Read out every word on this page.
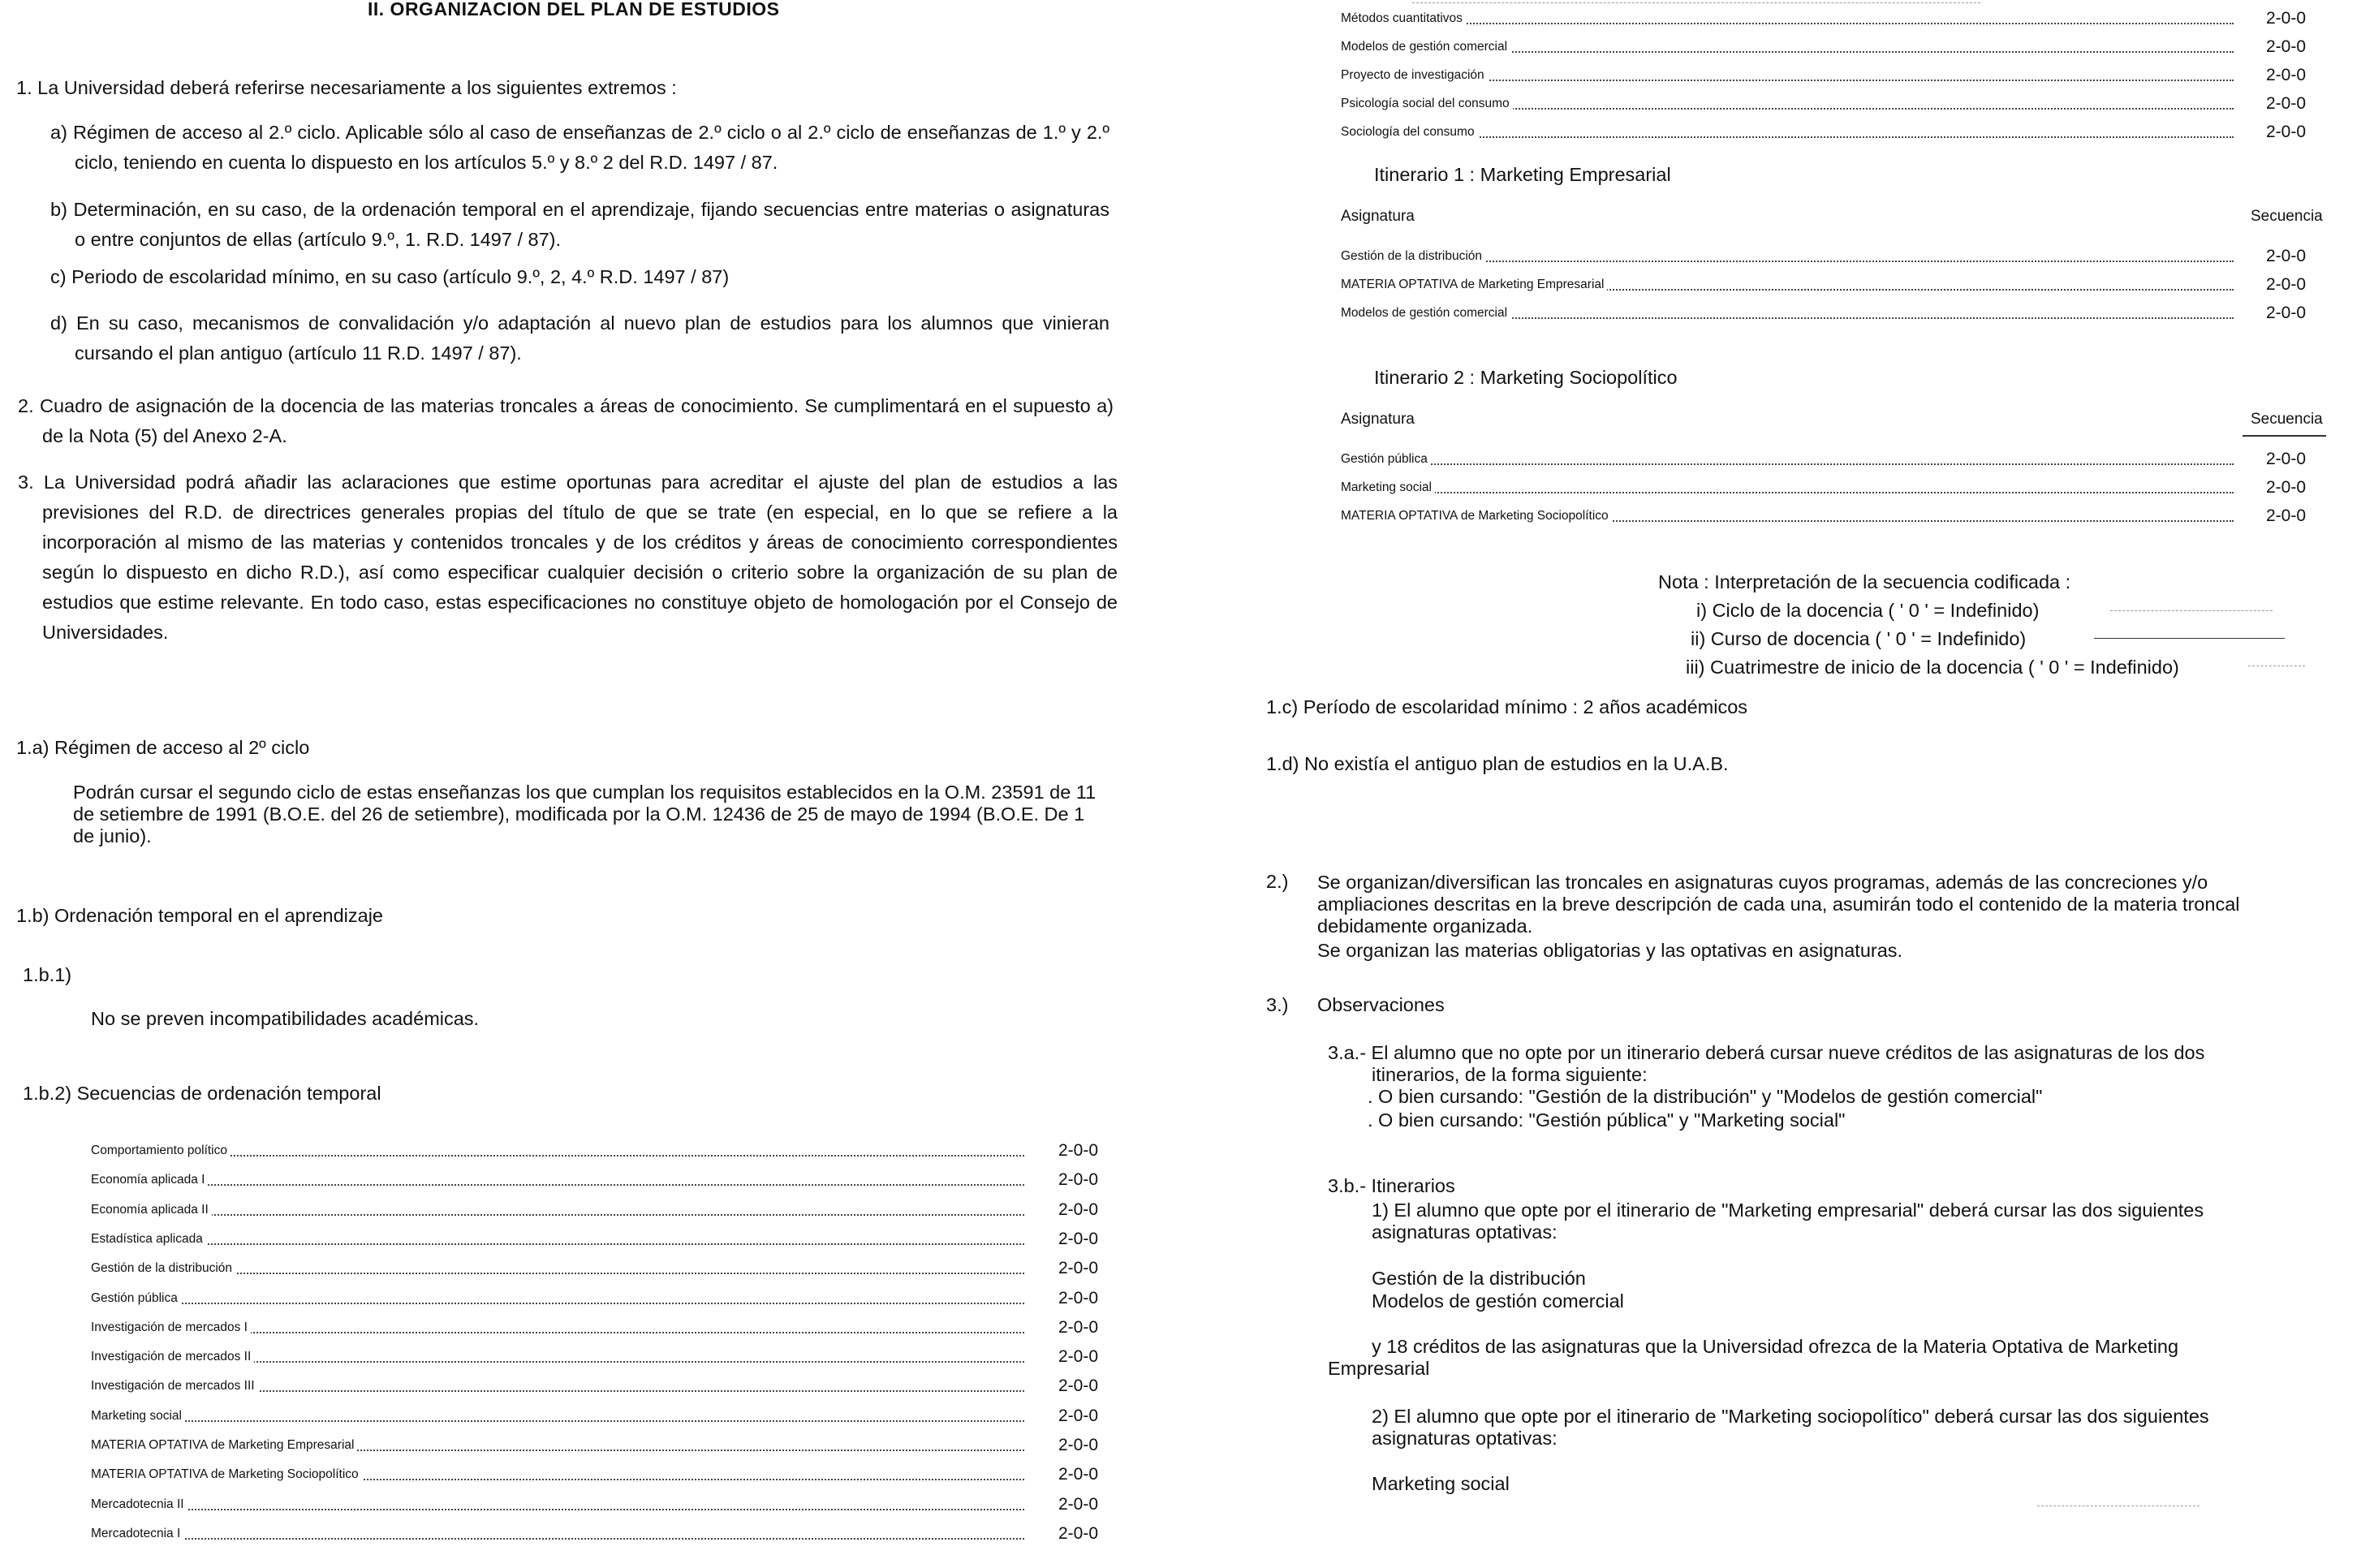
II. ORGANIZACION DEL PLAN DE ESTUDIOS
1. La Universidad deberá referirse necesariamente a los siguientes extremos :
a) Régimen de acceso al 2.º ciclo. Aplicable sólo al caso de enseñanzas de 2.º ciclo o al 2.º ciclo de enseñanzas de 1.º y 2.º ciclo, teniendo en cuenta lo dispuesto en los artículos 5.º y 8.º 2 del R.D. 1497 / 87.
b) Determinación, en su caso, de la ordenación temporal en el aprendizaje, fijando secuencias entre materias o asignaturas o entre conjuntos de ellas (artículo 9.º, 1. R.D. 1497 / 87).
c) Periodo de escolaridad mínimo, en su caso (artículo 9.º, 2, 4.º R.D. 1497 / 87)
d) En su caso, mecanismos de convalidación y/o adaptación al nuevo plan de estudios para los alumnos que vinieran cursando el plan antiguo (artículo 11 R.D. 1497 / 87).
2. Cuadro de asignación de la docencia de las materias troncales a áreas de conocimiento. Se cumplimentará en el supuesto a) de la Nota (5) del Anexo 2-A.
3. La Universidad podrá añadir las aclaraciones que estime oportunas para acreditar el ajuste del plan de estudios a las previsiones del R.D. de directrices generales propias del título de que se trate (en especial, en lo que se refiere a la incorporación al mismo de las materias y contenidos troncales y de los créditos y áreas de conocimiento correspondientes según lo dispuesto en dicho R.D.), así como especificar cualquier decisión o criterio sobre la organización de su plan de estudios que estime relevante. En todo caso, estas especificaciones no constituye objeto de homologación por el Consejo de Universidades.
1.a) Régimen de acceso al 2º ciclo
Podrán cursar el segundo ciclo de estas enseñanzas los que cumplan los requisitos establecidos en la O.M. 23591 de 11 de setiembre de 1991 (B.O.E. del 26 de setiembre), modificada por la O.M. 12436 de 25 de mayo de 1994 (B.O.E. De 1 de junio).
1.b) Ordenación temporal en el aprendizaje
1.b.1)
No se preven incompatibilidades académicas.
1.b.2) Secuencias de ordenación temporal
Comportamiento político	2-0-0
Economía aplicada I	2-0-0
Economía aplicada II	2-0-0
Estadística aplicada	2-0-0
Gestión de la distribución	2-0-0
Gestión pública	2-0-0
Investigación de mercados I	2-0-0
Investigación de mercados II	2-0-0
Investigación de mercados III	2-0-0
Marketing social	2-0-0
MATERIA OPTATIVA de Marketing Empresarial	2-0-0
MATERIA OPTATIVA de Marketing Sociopolítico	2-0-0
Mercadotecnia II	2-0-0
Mercadotecnia I	2-0-0
Métodos cuantitativos	2-0-0
Modelos de gestión comercial	2-0-0
Proyecto de investigación	2-0-0
Psicología social del consumo	2-0-0
Sociología del consumo	2-0-0
Itinerario 1 : Marketing Empresarial
Asignatura	Secuencia
Gestión de la distribución	2-0-0
MATERIA OPTATIVA de Marketing Empresarial	2-0-0
Modelos de gestión comercial	2-0-0
Itinerario 2 : Marketing Sociopolítico
Asignatura	Secuencia
Gestión pública	2-0-0
Marketing social	2-0-0
MATERIA OPTATIVA de Marketing Sociopolítico	2-0-0
Nota : Interpretación de la secuencia codificada :
i) Ciclo de la docencia ( ' 0 ' = Indefinido)
ii) Curso de docencia ( ' 0 ' = Indefinido)
iii) Cuatrimestre de inicio de la docencia ( ' 0 ' = Indefinido)
1.c) Período de escolaridad mínimo : 2 años académicos
1.d) No existía el antiguo plan de estudios en la U.A.B.
2.) Se organizan/diversifican las troncales en asignaturas cuyos programas, además de las concreciones y/o ampliaciones descritas en la breve descripción de cada una, asumirán todo el contenido de la materia troncal debidamente organizada.
Se organizan las materias obligatorias y las optativas en asignaturas.
3.) Observaciones
3.a.- El alumno que no opte por un itinerario deberá cursar nueve créditos de las asignaturas de los dos
itinerarios, de la forma siguiente:
. O bien cursando: "Gestión de la distribución" y "Modelos de gestión comercial"
. O bien cursando: "Gestión pública" y "Marketing social"
3.b.- Itinerarios
1) El alumno que opte por el itinerario de "Marketing empresarial" deberá cursar las dos siguientes
asignaturas optativas:
Gestión de la distribución
Modelos de gestión comercial
y 18 créditos de las asignaturas que la Universidad ofrezca de la Materia Optativa de Marketing
Empresarial
2) El alumno que opte por el itinerario de "Marketing sociopolítico" deberá cursar las dos siguientes
asignaturas optativas:
Marketing social
